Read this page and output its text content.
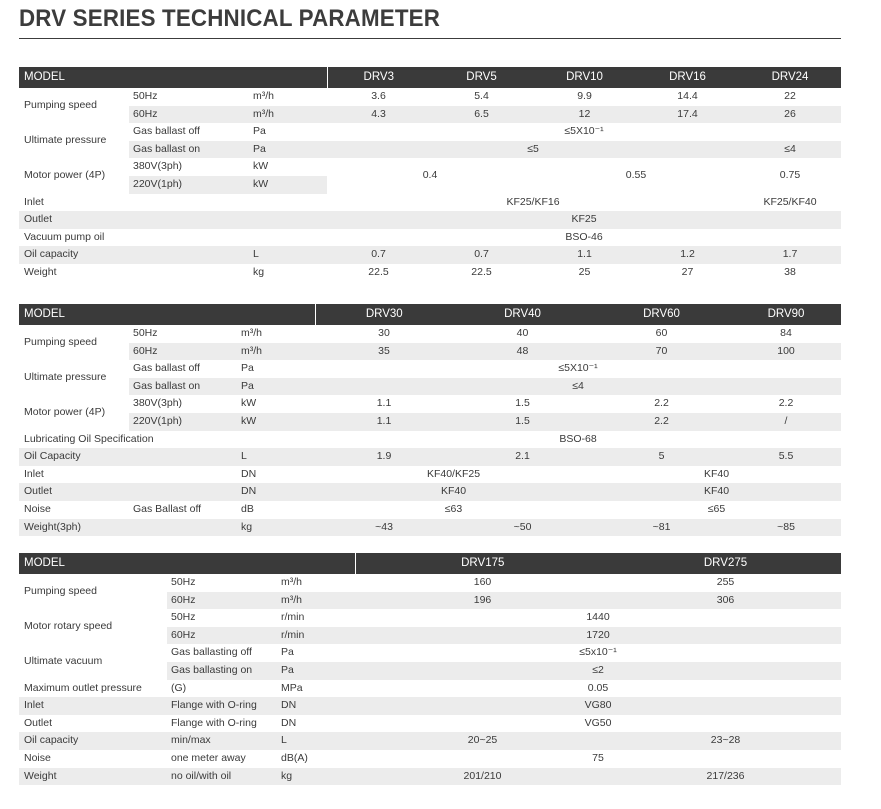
DRV SERIES TECHNICAL PARAMETER
MODEL			DRV3	DRV5	DRV10	DRV16	DRV24
Pumping speed	50Hz	m³/h	3.6	5.4	9.9	14.4	22
	60Hz	m³/h	4.3	6.5	12	17.4	26
Ultimate pressure	Gas ballast off	Pa	≤5X10⁻¹				
	Gas ballast on	Pa	≤5				≤4
Motor power (4P)	380V(3ph)	kW	0.4		0.55		0.75
	220V(1ph)	kW					
Inlet			KF25/KF16				KF25/KF40
Outlet			KF25				
Vacuum pump oil			BSO-46				
Oil capacity		L	0.7	0.7	1.1	1.2	1.7
Weight		kg	22.5	22.5	25	27	38
MODEL			DRV30	DRV40	DRV60	DRV90
Pumping speed	50Hz	m³/h	30	40	60	84
	60Hz	m³/h	35	48	70	100
Ultimate pressure	Gas ballast off	Pa	≤5X10⁻¹			
	Gas ballast on	Pa	≤4			
Motor power (4P)	380V(3ph)	kW	1.1	1.5	2.2	2.2
	220V(1ph)	kW	1.1	1.5	2.2	/
Lubricating Oil Specification			BSO-68			
Oil Capacity		L	1.9	2.1	5	5.5
Inlet		DN	KF40/KF25		KF40	
Outlet		DN	KF40		KF40	
Noise	Gas Ballast off	dB	≤63		≤65	
Weight(3ph)		kg	~43	~50	~81	~85
MODEL			DRV175	DRV275
Pumping speed	50Hz	m³/h	160	255
	60Hz	m³/h	196	306
Motor rotary speed	50Hz	r/min	1440	
	60Hz	r/min	1720	
Ultimate vacuum	Gas ballasting off	Pa	≤5x10⁻¹	
	Gas ballasting on	Pa	≤2	
Maximum outlet pressure	(G)	MPa	0.05	
Inlet	Flange with O-ring	DN	VG80	
Outlet	Flange with O-ring	DN	VG50	
Oil capacity	min/max	L	20~25	23~28
Noise	one meter away	dB(A)	75	
Weight	no oil/with oil	kg	201/210	217/236
